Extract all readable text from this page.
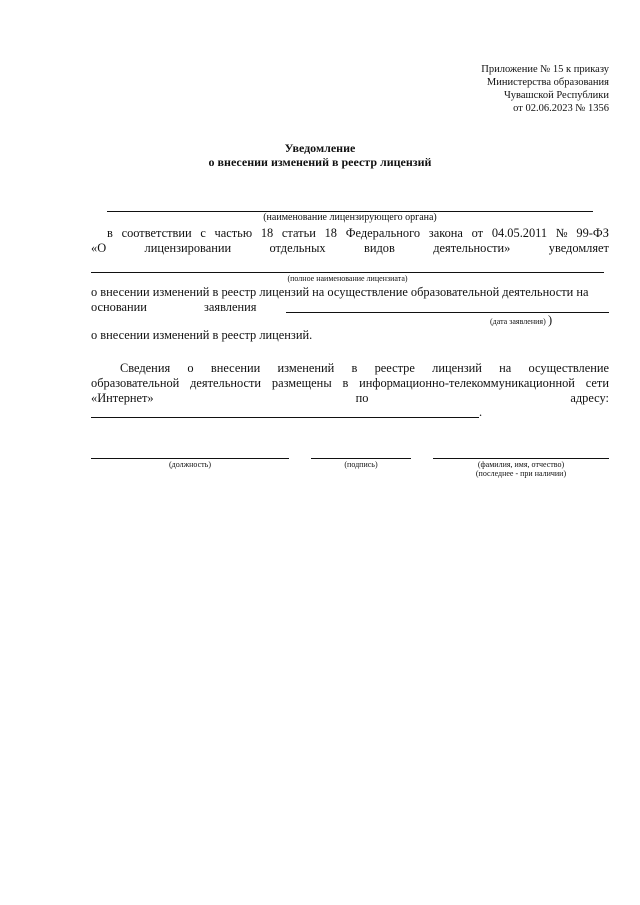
Приложение № 15 к приказу
Министерства образования
Чувашской Республики
от 02.06.2023 № 1356
Уведомление
о внесении изменений в реестр лицензий
(наименование лицензирующего органа)
в соответствии с частью 18 статьи 18 Федерального закона от 04.05.2011 № 99-ФЗ
«О	лицензировании	отдельных	видов	деятельности»	уведомляет
(полное наименование лицензиата)
о внесении изменений в реестр лицензий на осуществление образовательной деятельности на
основании	заявления
(дата заявления) )
о внесении изменений в реестр лицензий.
Сведения о внесении изменений в реестре лицензий на осуществление
образовательной деятельности размещены в информационно-телекоммуникационной сети
«Интернет»	по	адресу:
.
(должность)	(подпись)	(фамилия, имя, отчество)
(последнее - при наличии)
